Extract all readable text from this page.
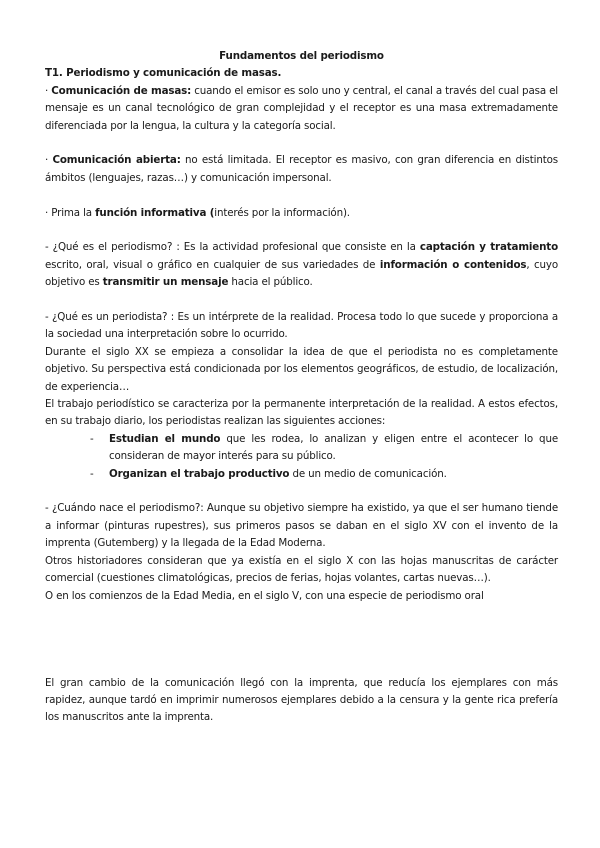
Fundamentos del periodismo

T1. Periodismo y comunicación de masas.

· Comunicación de masas: cuando el emisor es solo uno y central, el canal a través del cual pasa el mensaje es un canal tecnológico de gran complejidad y el receptor es una masa extremadamente diferenciada por la lengua, la cultura y la categoría social.

· Comunicación abierta: no está limitada. El receptor es masivo, con gran diferencia en distintos ámbitos (lenguajes, razas…) y comunicación impersonal.

· Prima la función informativa (interés por la información).

- ¿Qué es el periodismo? : Es la actividad profesional que consiste en la captación y tratamiento escrito, oral, visual o gráfico en cualquier de sus variedades de información o contenidos, cuyo objetivo es transmitir un mensaje hacia el público.

- ¿Qué es un periodista? : Es un intérprete de la realidad. Procesa todo lo que sucede y proporciona a la sociedad una interpretación sobre lo ocurrido.

Durante el siglo XX se empieza a consolidar la idea de que el periodista no es completamente objetivo. Su perspectiva está condicionada por los elementos geográficos, de estudio, de localización, de experiencia…

El trabajo periodístico se caracteriza por la permanente interpretación de la realidad. A estos efectos, en su trabajo diario, los periodistas realizan las siguientes acciones:

- Estudian el mundo que les rodea, lo analizan y eligen entre el acontecer lo que consideran de mayor interés para su público.
- Organizan el trabajo productivo de un medio de comunicación.

- ¿Cuándo nace el periodismo?: Aunque su objetivo siempre ha existido, ya que el ser humano tiende a informar (pinturas rupestres), sus primeros pasos se daban en el siglo XV con el invento de la imprenta (Gutemberg) y la llegada de la Edad Moderna.

Otros historiadores consideran que ya existía en el siglo X con las hojas manuscritas de carácter comercial (cuestiones climatológicas, precios de ferias, hojas volantes, cartas nuevas…).

O en los comienzos de la Edad Media, en el siglo V, con una especie de periodismo oral

El gran cambio de la comunicación llegó con la imprenta, que reducía los ejemplares con más rapidez, aunque tardó en imprimir numerosos ejemplares debido a la censura y la gente rica prefería los manuscritos ante la imprenta.
